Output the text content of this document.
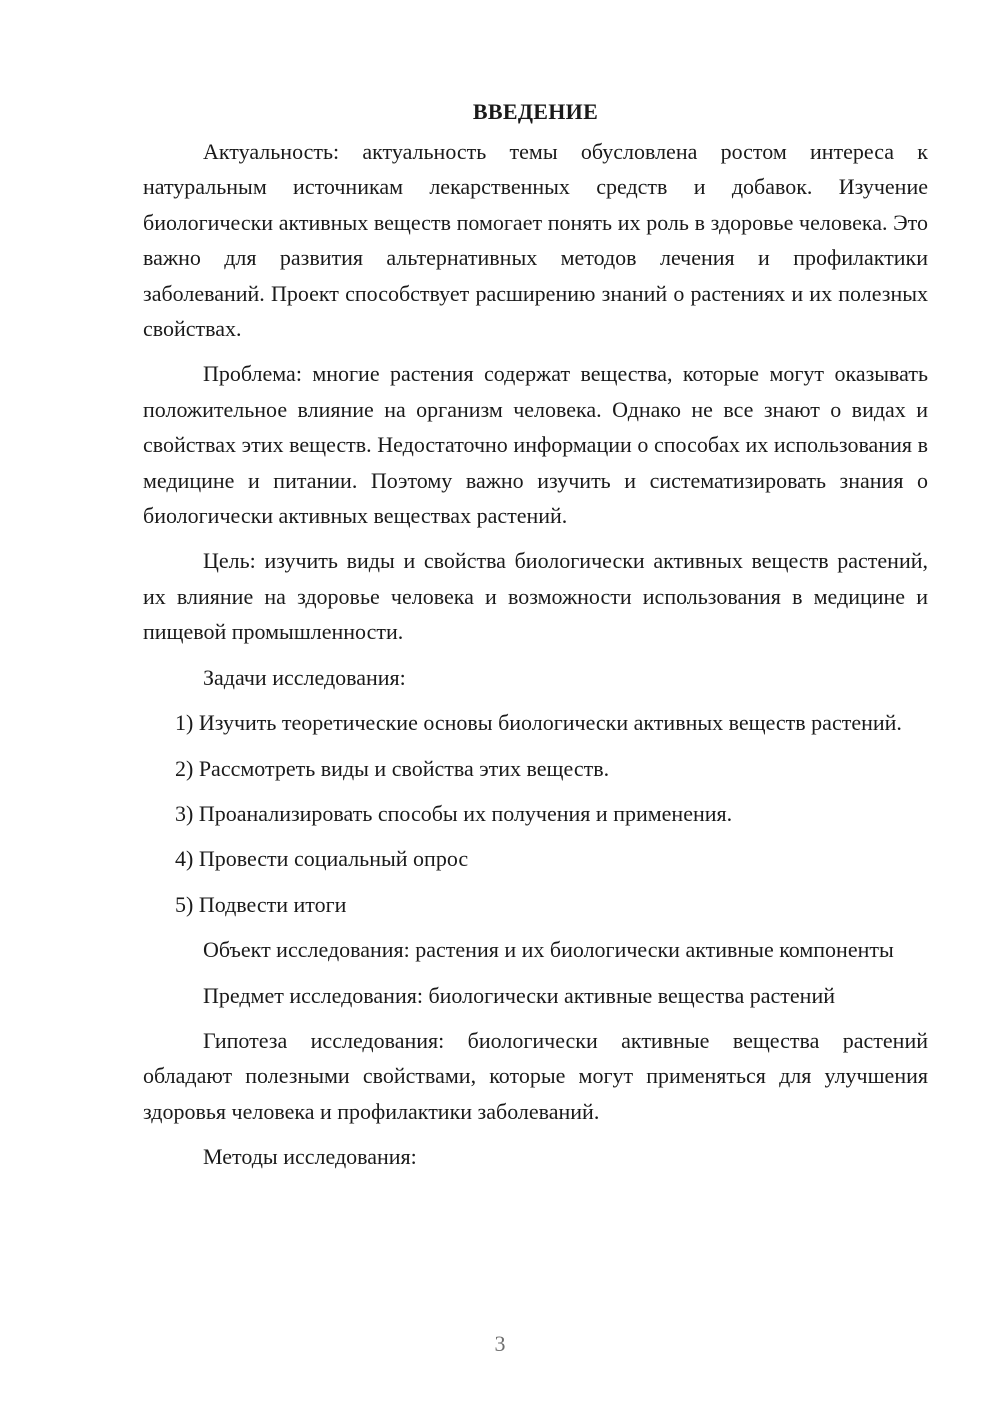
ВВЕДЕНИЕ

Актуальность: актуальность темы обусловлена ростом интереса к натуральным источникам лекарственных средств и добавок. Изучение биологически активных веществ помогает понять их роль в здоровье человека. Это важно для развития альтернативных методов лечения и профилактики заболеваний. Проект способствует расширению знаний о растениях и их полезных свойствах.

Проблема: многие растения содержат вещества, которые могут оказывать положительное влияние на организм человека. Однако не все знают о видах и свойствах этих веществ. Недостаточно информации о способах их использования в медицине и питании. Поэтому важно изучить и систематизировать знания о биологически активных веществах растений.

Цель: изучить виды и свойства биологически активных веществ растений, их влияние на здоровье человека и возможности использования в медицине и пищевой промышленности.

Задачи исследования:

1) Изучить теоретические основы биологически активных веществ растений.

2) Рассмотреть виды и свойства этих веществ.

3) Проанализировать способы их получения и применения.

4) Провести социальный опрос

5) Подвести итоги

Объект исследования: растения и их биологически активные компоненты

Предмет исследования: биологически активные вещества растений

Гипотеза исследования: биологически активные вещества растений обладают полезными свойствами, которые могут применяться для улучшения здоровья человека и профилактики заболеваний.

Методы исследования:

3
